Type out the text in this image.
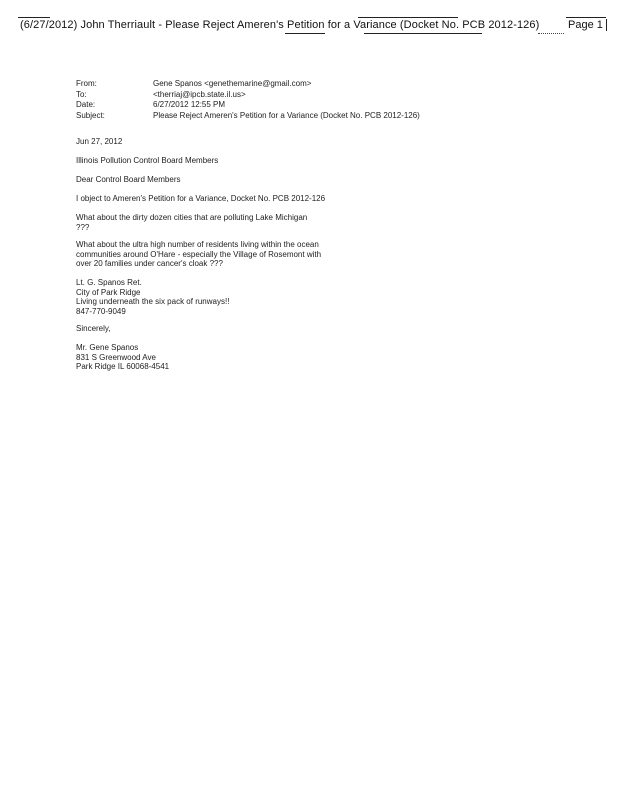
(6/27/2012) John Therriault - Please Reject Ameren's Petition for a Variance (Docket No. PCB 2012-126)	Page 1
From:	Gene Spanos <genethemarine@gmail.com>
To:	<therriaj@ipcb.state.il.us>
Date:	6/27/2012 12:55 PM
Subject:	Please Reject Ameren's Petition for a Variance (Docket No. PCB 2012-126)
Jun 27, 2012
Illinois Pollution Control Board Members
Dear Control Board Members
I object to Ameren's Petition for a Variance, Docket No. PCB 2012-126
What about the dirty dozen cities that are polluting Lake Michigan
???
What about the ultra high number of residents living within the ocean
communities around O'Hare - especially the Village of Rosemont with
over 20 families under cancer's cloak ???
Lt. G. Spanos Ret.
City of Park Ridge
Living underneath the six pack of runways!!
847-770-9049
Sincerely,
Mr. Gene Spanos
831 S Greenwood Ave
Park Ridge IL 60068-4541
